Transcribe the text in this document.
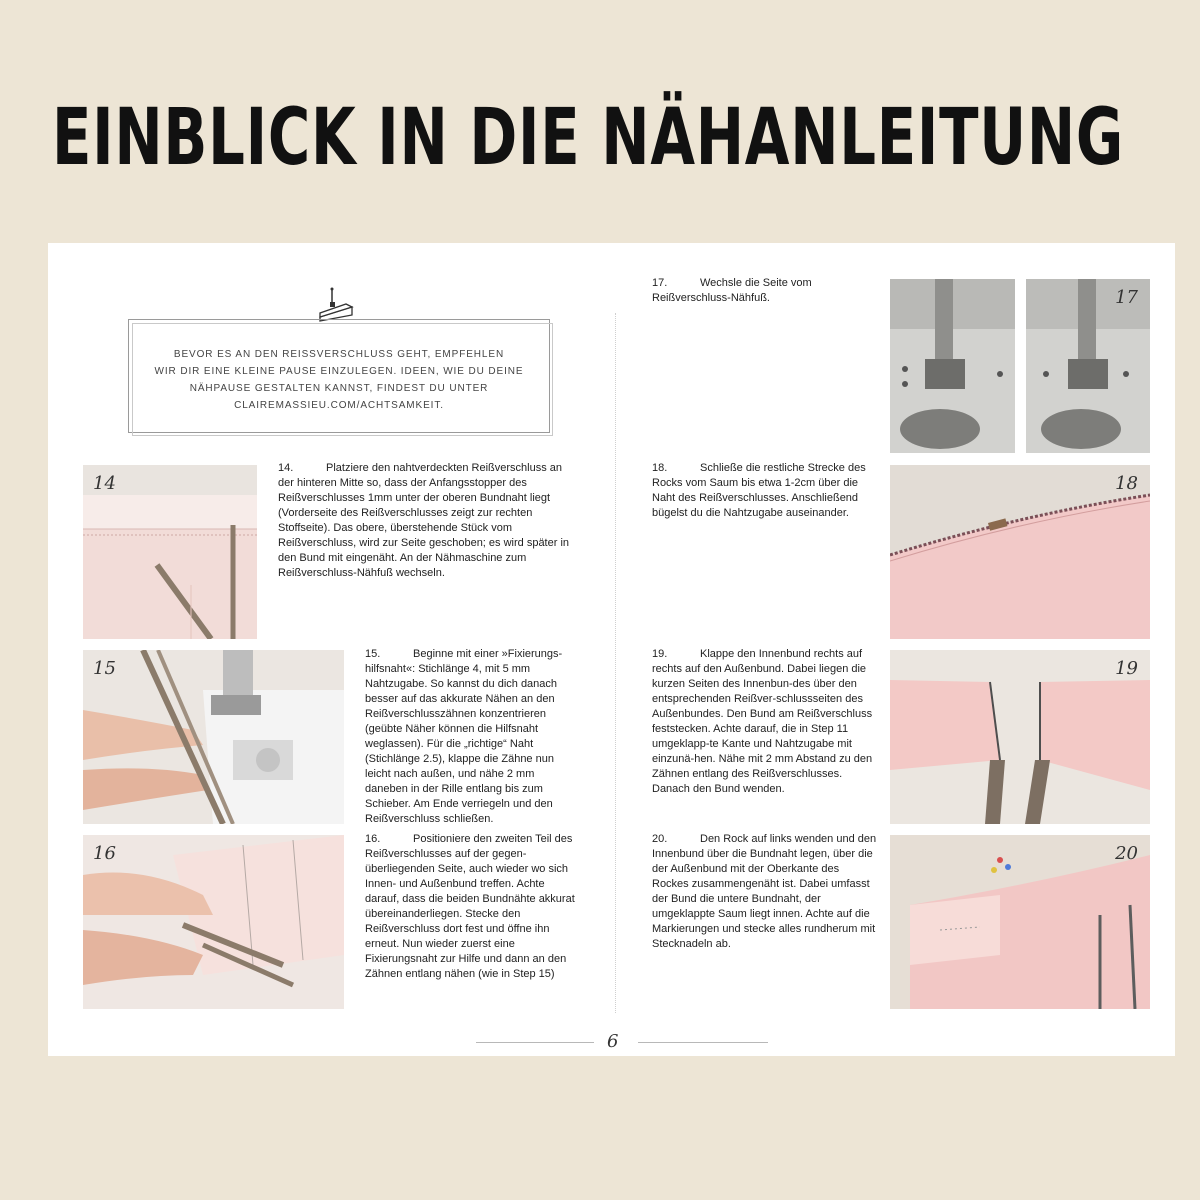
EINBLICK IN DIE NÄHANLEITUNG
BEVOR ES AN DEN REISSVERSCHLUSS GEHT, EMPFEHLEN
WIR DIR EINE KLEINE PAUSE EINZULEGEN. IDEEN, WIE DU DEINE
NÄHPAUSE GESTALTEN KANNST, FINDEST DU UNTER
CLAIREMASSIEU.COM/ACHTSAMKEIT.
14
14.	Platziere den nahtverdeckten Reißverschluss an der hinteren Mitte so, dass der Anfangsstopper des Reißverschlusses 1mm unter der oberen Bundnaht liegt (Vorderseite des Reißverschlusses zeigt zur rechten Stoffseite). Das obere, überstehende Stück vom Reißverschluss, wird zur Seite geschoben; es wird später in den Bund mit eingenäht. An der Nähmaschine zum Reißverschluss-Nähfuß wechseln.
15
15.	Beginne mit einer »Fixierungs-hilfsnaht«: Stichlänge 4, mit 5 mm Nahtzugabe. So kannst du dich danach besser auf das akkurate Nähen an den Reißverschlusszähnen konzentrieren (geübte Näher können die Hilfsnaht weglassen). Für die „richtige“ Naht (Stichlänge 2.5), klappe die Zähne nun leicht nach außen, und nähe 2 mm daneben in der Rille entlang bis zum Schieber. Am Ende verriegeln und den Reißverschluss schließen.
16
16.	Positioniere den zweiten Teil des Reißverschlusses auf der gegen-überliegenden Seite, auch wieder wo sich Innen- und Außenbund treffen. Achte darauf, dass die beiden Bundnähte akkurat übereinanderliegen. Stecke den Reißverschluss dort fest und öffne ihn erneut. Nun wieder zuerst eine Fixierungsnaht zur Hilfe und dann an den Zähnen entlang nähen (wie in Step 15)
17.	Wechsle die Seite vom Reißverschluss-Nähfuß.	17
18.	Schließe die restliche Strecke des Rocks vom Saum bis etwa 1-2cm über die Naht des Reißverschlusses. Anschließend bügelst du die Nahtzugabe auseinander.
18
19.	Klappe den Innenbund rechts auf rechts auf den Außenbund. Dabei liegen die kurzen Seiten des Innenbun-des über den entsprechenden Reißver-schlussseiten des Außenbundes. Den Bund am Reißverschluss feststecken. Achte darauf, die in Step 11 umgeklapp-te Kante und Nahtzugabe mit einzunä-hen. Nähe mit 2 mm Abstand zu den Zähnen entlang des Reißverschlusses. Danach den Bund wenden.
19
20.	Den Rock auf links wenden und den Innenbund über die Bundnaht legen, über die der Außenbund mit der Oberkante des Rockes zusammengenäht ist. Dabei umfasst der Bund die untere Bundnaht, der umgeklappte Saum liegt innen. Achte auf die Markierungen und stecke alles rundherum mit Stecknadeln ab.
20
6
